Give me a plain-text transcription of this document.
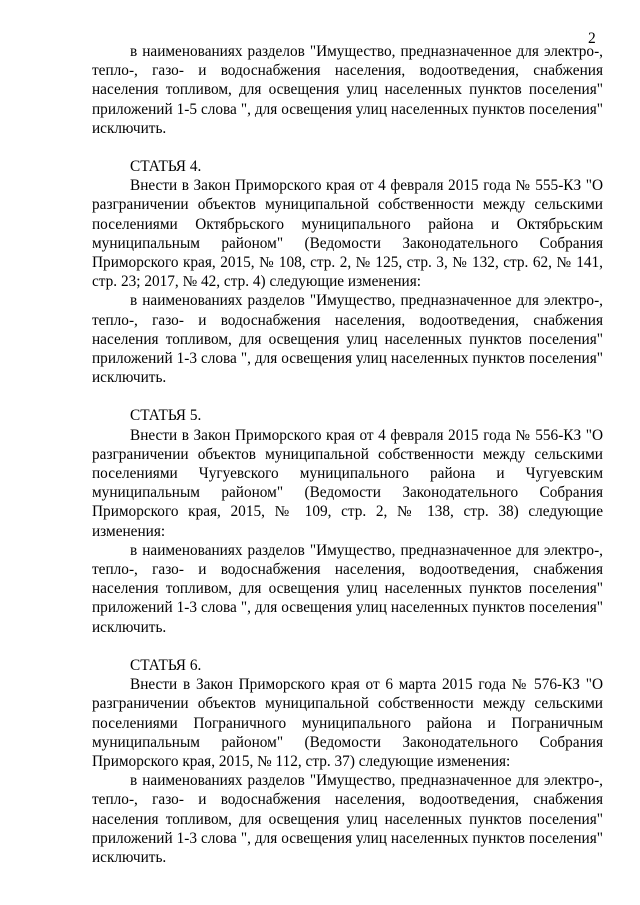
2

в наименованиях разделов "Имущество, предназначенное для электро-, тепло-, газо- и водоснабжения населения, водоотведения, снабжения населения топливом, для освещения улиц населенных пунктов поселения" приложений 1-5 слова ", для освещения улиц населенных пунктов поселения" исключить.

СТАТЬЯ 4.

Внести в Закон Приморского края от 4 февраля 2015 года № 555-КЗ "О разграничении объектов муниципальной собственности между сельскими поселениями Октябрьского муниципального района и Октябрьским муниципальным районом" (Ведомости Законодательного Собрания Приморского края, 2015, № 108, стр. 2, № 125, стр. 3, № 132, стр. 62, № 141, стр. 23; 2017, № 42, стр. 4) следующие изменения:

в наименованиях разделов "Имущество, предназначенное для электро-, тепло-, газо- и водоснабжения населения, водоотведения, снабжения населения топливом, для освещения улиц населенных пунктов поселения" приложений 1-3 слова ", для освещения улиц населенных пунктов поселения" исключить.

СТАТЬЯ 5.

Внести в Закон Приморского края от 4 февраля 2015 года № 556-КЗ "О разграничении объектов муниципальной собственности между сельскими поселениями Чугуевского муниципального района и Чугуевским муниципальным районом" (Ведомости Законодательного Собрания Приморского края, 2015, № 109, стр. 2, № 138, стр. 38) следующие изменения:

в наименованиях разделов "Имущество, предназначенное для электро-, тепло-, газо- и водоснабжения населения, водоотведения, снабжения населения топливом, для освещения улиц населенных пунктов поселения" приложений 1-3 слова ", для освещения улиц населенных пунктов поселения" исключить.

СТАТЬЯ 6.

Внести в Закон Приморского края от 6 марта 2015 года № 576-КЗ "О разграничении объектов муниципальной собственности между сельскими поселениями Пограничного муниципального района и Пограничным муниципальным районом" (Ведомости Законодательного Собрания Приморского края, 2015, № 112, стр. 37) следующие изменения:

в наименованиях разделов "Имущество, предназначенное для электро-, тепло-, газо- и водоснабжения населения, водоотведения, снабжения населения топливом, для освещения улиц населенных пунктов поселения" приложений 1-3 слова ", для освещения улиц населенных пунктов поселения" исключить.
